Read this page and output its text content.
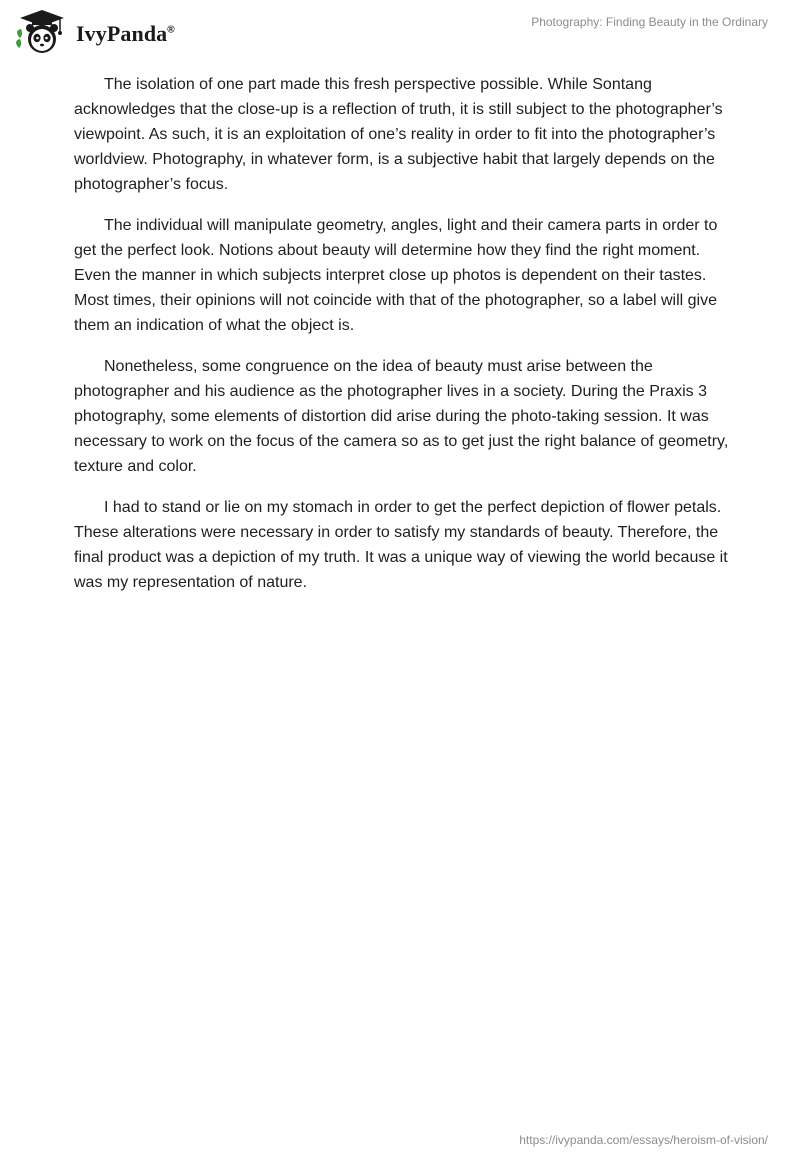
IvyPanda®
Photography: Finding Beauty in the Ordinary

The isolation of one part made this fresh perspective possible. While Sontang acknowledges that the close-up is a reflection of truth, it is still subject to the photographer’s viewpoint. As such, it is an exploitation of one’s reality in order to fit into the photographer’s worldview. Photography, in whatever form, is a subjective habit that largely depends on the photographer’s focus.

The individual will manipulate geometry, angles, light and their camera parts in order to get the perfect look. Notions about beauty will determine how they find the right moment. Even the manner in which subjects interpret close up photos is dependent on their tastes. Most times, their opinions will not coincide with that of the photographer, so a label will give them an indication of what the object is.

Nonetheless, some congruence on the idea of beauty must arise between the photographer and his audience as the photographer lives in a society. During the Praxis 3 photography, some elements of distortion did arise during the photo-taking session. It was necessary to work on the focus of the camera so as to get just the right balance of geometry, texture and color.

I had to stand or lie on my stomach in order to get the perfect depiction of flower petals. These alterations were necessary in order to satisfy my standards of beauty. Therefore, the final product was a depiction of my truth. It was a unique way of viewing the world because it was my representation of nature.

https://ivypanda.com/essays/heroism-of-vision/
